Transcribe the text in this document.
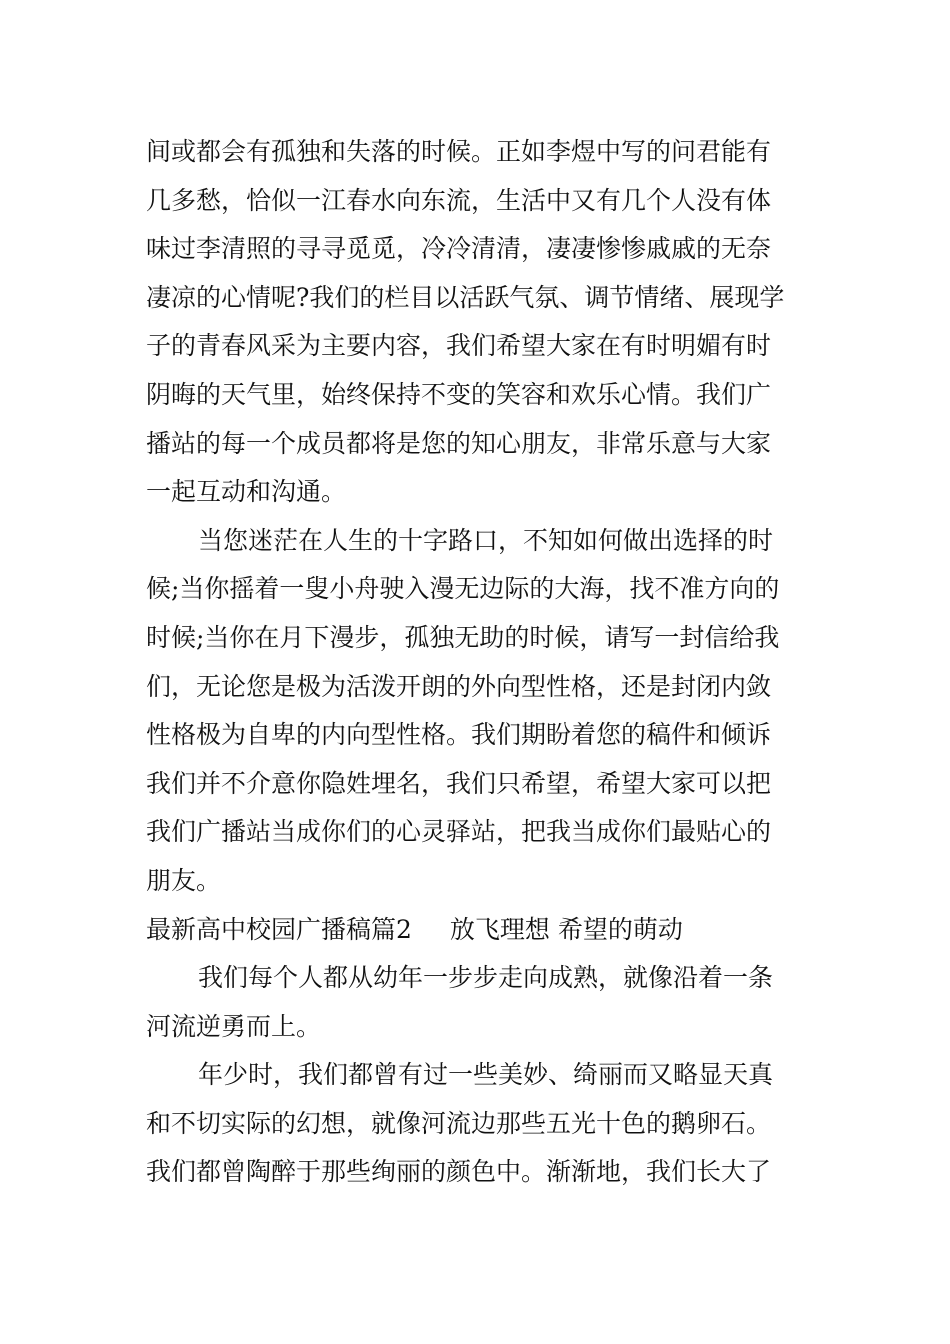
间或都会有孤独和失落的时候。正如李煜中写的问君能有
几多愁，恰似一江春水向东流，生活中又有几个人没有体
味过李清照的寻寻觅觅，冷冷清清，凄凄惨惨戚戚的无奈
凄凉的心情呢?我们的栏目以活跃气氛、调节情绪、展现学
子的青春风采为主要内容，我们希望大家在有时明媚有时
阴晦的天气里，始终保持不变的笑容和欢乐心情。我们广
播站的每一个成员都将是您的知心朋友，非常乐意与大家
一起互动和沟通。
当您迷茫在人生的十字路口，不知如何做出选择的时
候;当你摇着一叟小舟驶入漫无边际的大海，找不准方向的
时候;当你在月下漫步，孤独无助的时候，请写一封信给我
们，无论您是极为活泼开朗的外向型性格，还是封闭内敛
性格极为自卑的内向型性格。我们期盼着您的稿件和倾诉
我们并不介意你隐姓埋名，我们只希望，希望大家可以把
我们广播站当成你们的心灵驿站，把我当成你们最贴心的
朋友。
最新高中校园广播稿篇2 放飞理想 希望的萌动
我们每个人都从幼年一步步走向成熟，就像沿着一条
河流逆勇而上。
年少时，我们都曾有过一些美妙、绮丽而又略显天真
和不切实际的幻想，就像河流边那些五光十色的鹅卵石。
我们都曾陶醉于那些绚丽的颜色中。渐渐地，我们长大了
